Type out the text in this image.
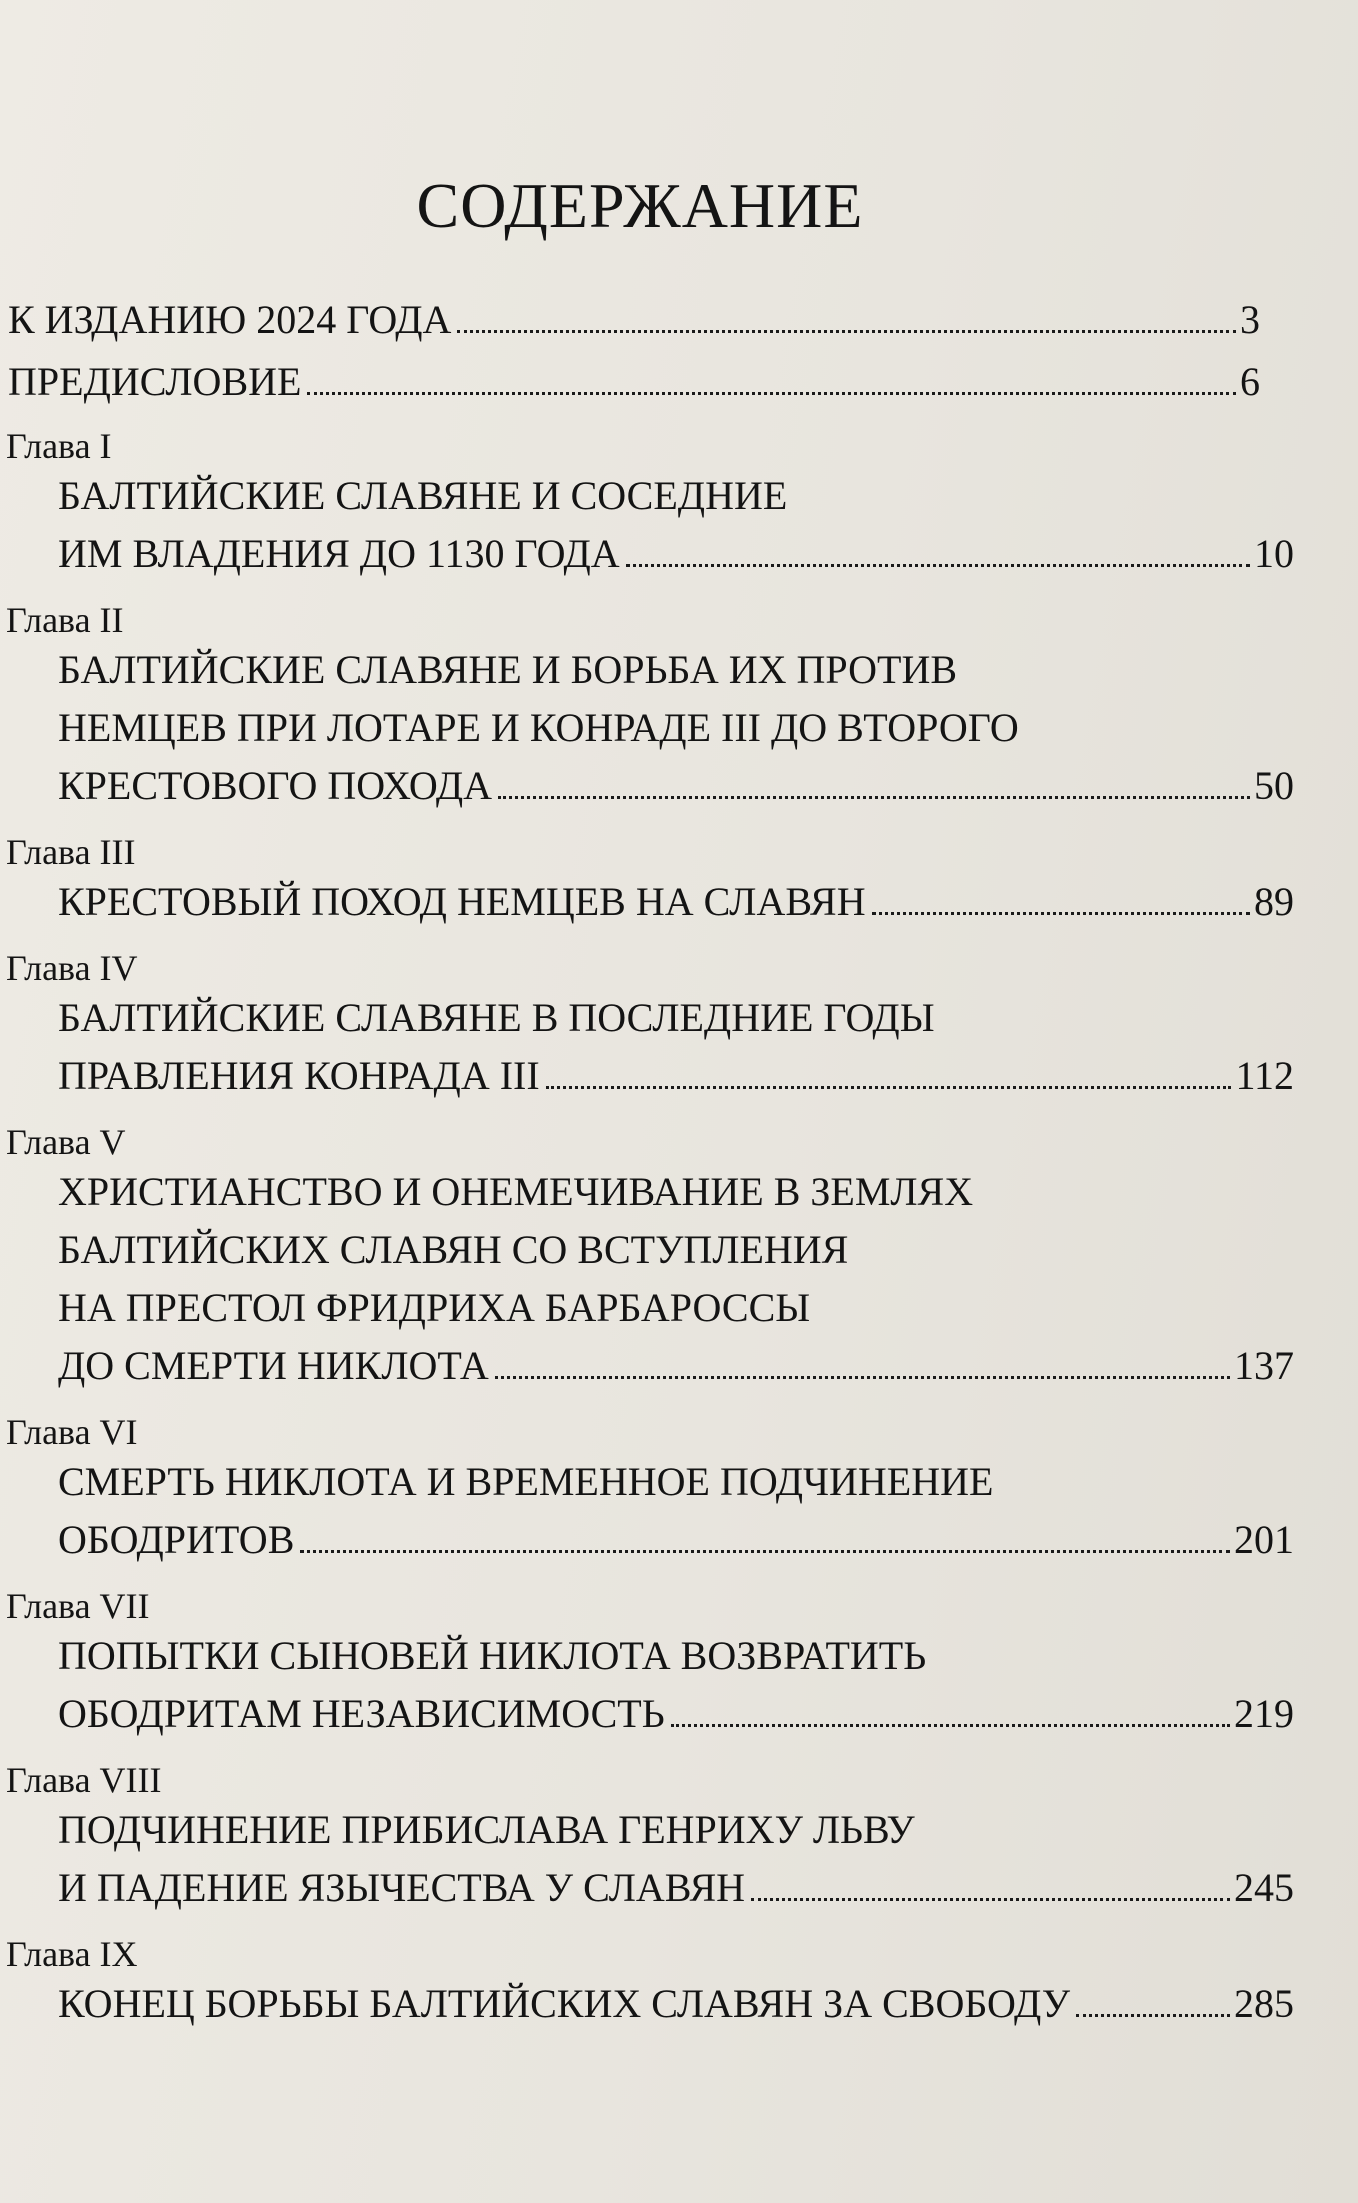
СОДЕРЖАНИЕ
К ИЗДАНИЮ 2024 ГОДА	3
ПРЕДИСЛОВИЕ	6
Глава I
БАЛТИЙСКИЕ СЛАВЯНЕ И СОСЕДНИЕ
ИМ ВЛАДЕНИЯ ДО 1130 ГОДА	10
Глава II
БАЛТИЙСКИЕ СЛАВЯНЕ И БОРЬБА ИХ ПРОТИВ
НЕМЦЕВ ПРИ ЛОТАРЕ И КОНРАДЕ III ДО ВТОРОГО
КРЕСТОВОГО ПОХОДА	50
Глава III
КРЕСТОВЫЙ ПОХОД НЕМЦЕВ НА СЛАВЯН	89
Глава IV
БАЛТИЙСКИЕ СЛАВЯНЕ В ПОСЛЕДНИЕ ГОДЫ
ПРАВЛЕНИЯ КОНРАДА III	112
Глава V
ХРИСТИАНСТВО И ОНЕМЕЧИВАНИЕ В ЗЕМЛЯХ
БАЛТИЙСКИХ СЛАВЯН СО ВСТУПЛЕНИЯ
НА ПРЕСТОЛ ФРИДРИХА БАРБАРОССЫ
ДО СМЕРТИ НИКЛОТА	137
Глава VI
СМЕРТЬ НИКЛОТА И ВРЕМЕННОЕ ПОДЧИНЕНИЕ
ОБОДРИТОВ	201
Глава VII
ПОПЫТКИ СЫНОВЕЙ НИКЛОТА ВОЗВРАТИТЬ
ОБОДРИТАМ НЕЗАВИСИМОСТЬ	219
Глава VIII
ПОДЧИНЕНИЕ ПРИБИСЛАВА ГЕНРИХУ ЛЬВУ
И ПАДЕНИЕ ЯЗЫЧЕСТВА У СЛАВЯН	245
Глава IX
КОНЕЦ БОРЬБЫ БАЛТИЙСКИХ СЛАВЯН ЗА СВОБОДУ	285
